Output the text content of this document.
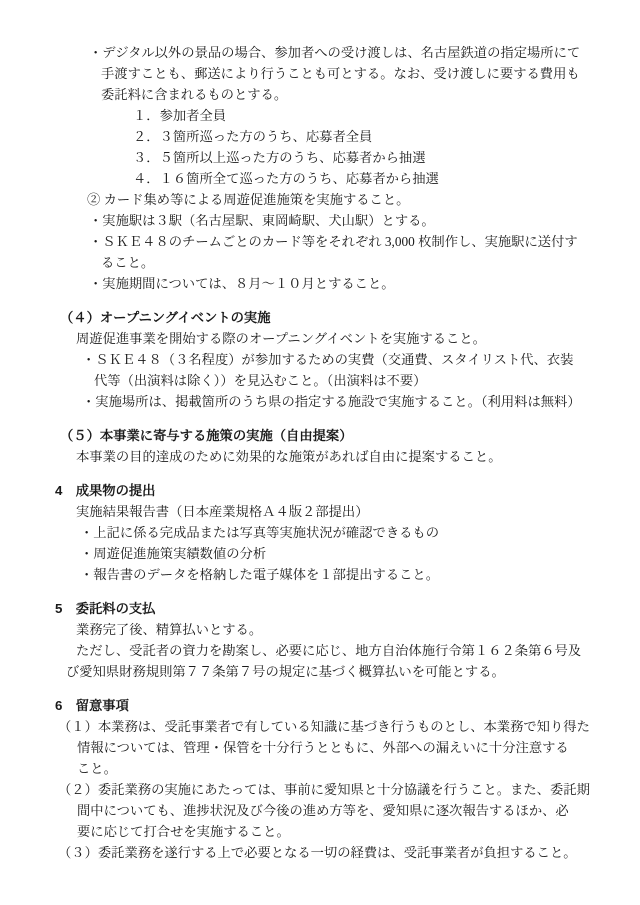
・デジタル以外の景品の場合、参加者への受け渡しは、名古屋鉄道の指定場所にて
手渡すことも、郵送により行うことも可とする。なお、受け渡しに要する費用も
委託料に含まれるものとする。
１．参加者全員
２．３箇所巡った方のうち、応募者全員
３．５箇所以上巡った方のうち、応募者から抽選
４．１６箇所全て巡った方のうち、応募者から抽選
② カード集め等による周遊促進施策を実施すること。
・実施駅は３駅（名古屋駅、東岡崎駅、犬山駅）とする。
・ＳＫＥ４８のチームごとのカード等をそれぞれ 3,000 枚制作し、実施駅に送付す
ること。
・実施期間については、８月〜１０月とすること。
（４）オープニングイベントの実施
周遊促進事業を開始する際のオープニングイベントを実施すること。
・ＳＫＥ４８（３名程度）が参加するための実費（交通費、スタイリスト代、衣装
代等（出演料は除く））を見込むこと。（出演料は不要）
・実施場所は、掲載箇所のうち県の指定する施設で実施すること。（利用料は無料）
（５）本事業に寄与する施策の実施（自由提案）
本事業の目的達成のために効果的な施策があれば自由に提案すること。
4　成果物の提出
実施結果報告書（日本産業規格Ａ４版２部提出）
・上記に係る完成品または写真等実施状況が確認できるもの
・周遊促進施策実績数値の分析
・報告書のデータを格納した電子媒体を１部提出すること。
5　委託料の支払
業務完了後、精算払いとする。
ただし、受託者の資力を勘案し、必要に応じ、地方自治体施行令第１６２条第６号及
び愛知県財務規則第７７条第７号の規定に基づく概算払いを可能とする。
6　留意事項
（１）本業務は、受託事業者で有している知識に基づき行うものとし、本業務で知り得た
情報については、管理・保管を十分行うとともに、外部への漏えいに十分注意する
こと。
（２）委託業務の実施にあたっては、事前に愛知県と十分協議を行うこと。また、委託期
間中についても、進捗状況及び今後の進め方等を、愛知県に逐次報告するほか、必
要に応じて打合せを実施すること。
（３）委託業務を遂行する上で必要となる一切の経費は、受託事業者が負担すること。
